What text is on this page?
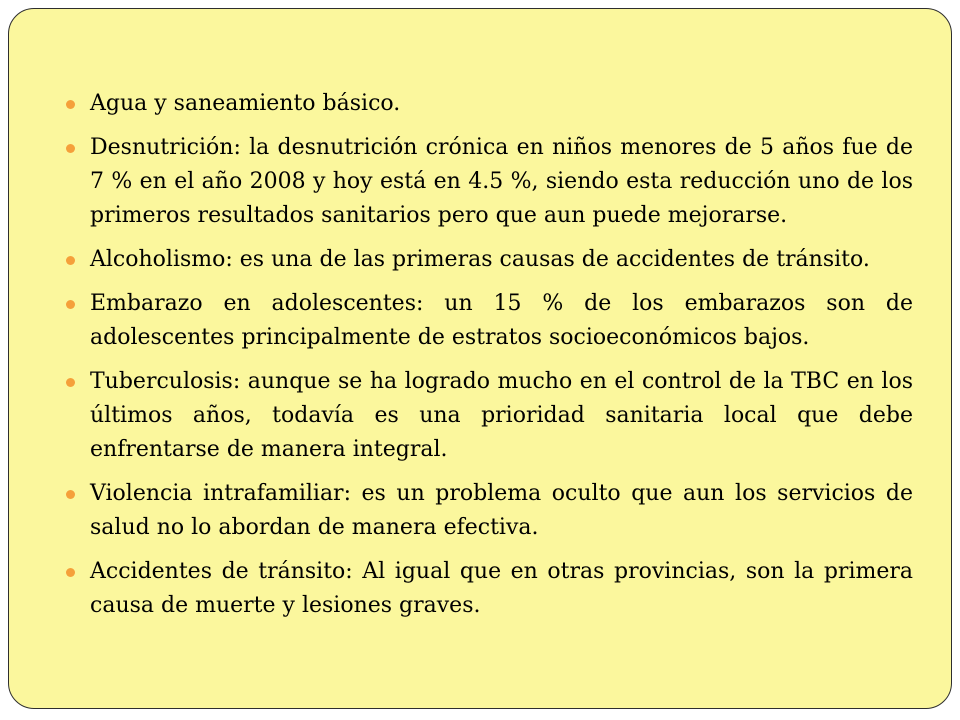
Agua y saneamiento básico.
Desnutrición: la desnutrición crónica en niños menores de 5 años fue de 7 % en el año 2008 y hoy está en 4.5 %, siendo esta reducción uno de los primeros resultados sanitarios pero que aun puede mejorarse.
Alcoholismo: es una de las primeras causas de accidentes de tránsito.
Embarazo en adolescentes: un 15 % de los embarazos son de adolescentes principalmente de estratos socioeconómicos bajos.
Tuberculosis: aunque se ha logrado mucho en el control de la TBC en los últimos años, todavía es una prioridad sanitaria local que debe enfrentarse de manera integral.
Violencia intrafamiliar: es un problema oculto que aun los servicios de salud no lo abordan de manera efectiva.
Accidentes de tránsito: Al igual que en otras provincias, son la primera causa de muerte y lesiones graves.
